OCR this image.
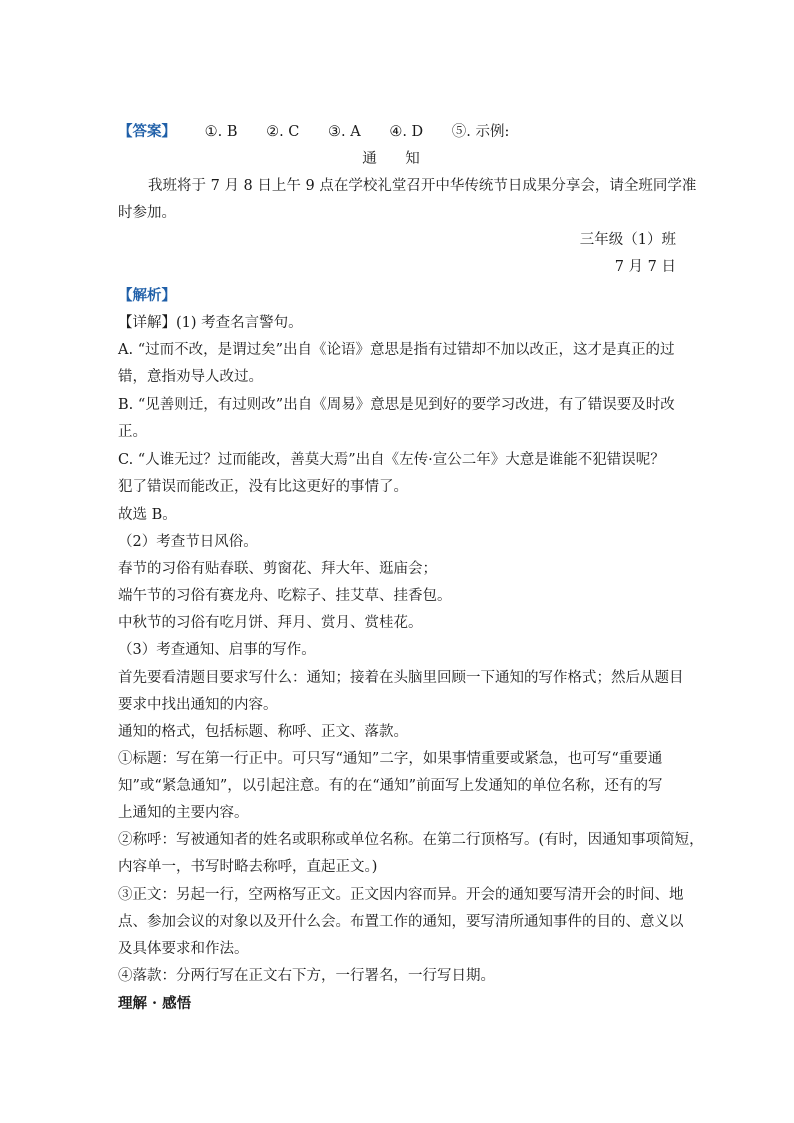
【答案】 ①. B ②. C ③. A ④. D ⑤. 示例:
通 知
我班将于 7 月 8 日上午 9 点在学校礼堂召开中华传统节日成果分享会，请全班同学准
时参加。
三年级（1）班
7 月 7 日
【解析】
【详解】(1) 考查名言警句。
A. “过而不改，是谓过矣”出自《论语》意思是指有过错却不加以改正，这才是真正的过
错，意指劝导人改过。
B. “见善则迁，有过则改”出自《周易》意思是见到好的要学习改进，有了错误要及时改
正。
C. “人谁无过？过而能改，善莫大焉”出自《左传·宣公二年》大意是谁能不犯错误呢？
犯了错误而能改正，没有比这更好的事情了。
故选 B。
（2）考查节日风俗。
春节的习俗有贴春联、剪窗花、拜大年、逛庙会；
端午节的习俗有赛龙舟、吃粽子、挂艾草、挂香包。
中秋节的习俗有吃月饼、拜月、赏月、赏桂花。
（3）考查通知、启事的写作。
首先要看清题目要求写什么：通知；接着在头脑里回顾一下通知的写作格式；然后从题目
要求中找出通知的内容。
通知的格式，包括标题、称呼、正文、落款。
①标题：写在第一行正中。可只写“通知”二字，如果事情重要或紧急，也可写“重要通
知”或“紧急通知”，以引起注意。有的在“通知”前面写上发通知的单位名称，还有的写
上通知的主要内容。
②称呼：写被通知者的姓名或职称或单位名称。在第二行顶格写。(有时，因通知事项简短，
内容单一，书写时略去称呼，直起正文。)
③正文：另起一行，空两格写正文。正文因内容而异。开会的通知要写清开会的时间、地
点、参加会议的对象以及开什么会。布置工作的通知，要写清所通知事件的目的、意义以
及具体要求和作法。
④落款：分两行写在正文右下方，一行署名，一行写日期。
理解 · 感悟
